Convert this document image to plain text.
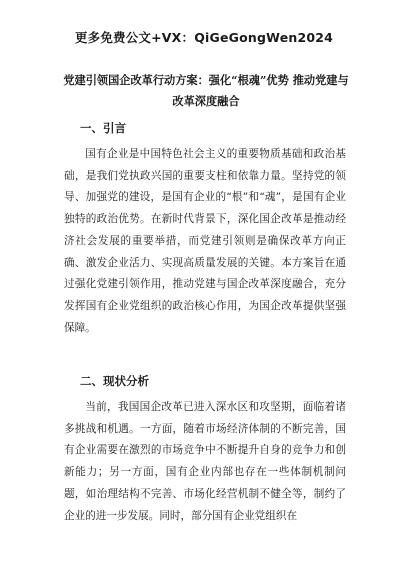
更多免费公文+VX：QiGeGongWen2024
党建引领国企改革行动方案：强化“根魂”优势 推动党建与改革深度融合
一、引言
国有企业是中国特色社会主义的重要物质基础和政治基础，是我们党执政兴国的重要支柱和依靠力量。坚持党的领导、加强党的建设，是国有企业的“根”和“魂”，是国有企业独特的政治优势。在新时代背景下，深化国企改革是推动经济社会发展的重要举措，而党建引领则是确保改革方向正确、激发企业活力、实现高质量发展的关键。本方案旨在通过强化党建引领作用，推动党建与国企改革深度融合，充分发挥国有企业党组织的政治核心作用，为国企改革提供坚强保障。
二、现状分析
当前，我国国企改革已进入深水区和攻坚期，面临着诸多挑战和机遇。一方面，随着市场经济体制的不断完善，国有企业需要在激烈的市场竞争中不断提升自身的竞争力和创新能力；另一方面，国有企业内部也存在一些体制机制问题，如治理结构不完善、市场化经营机制不健全等，制约了企业的进一步发展。同时，部分国有企业党组织在
